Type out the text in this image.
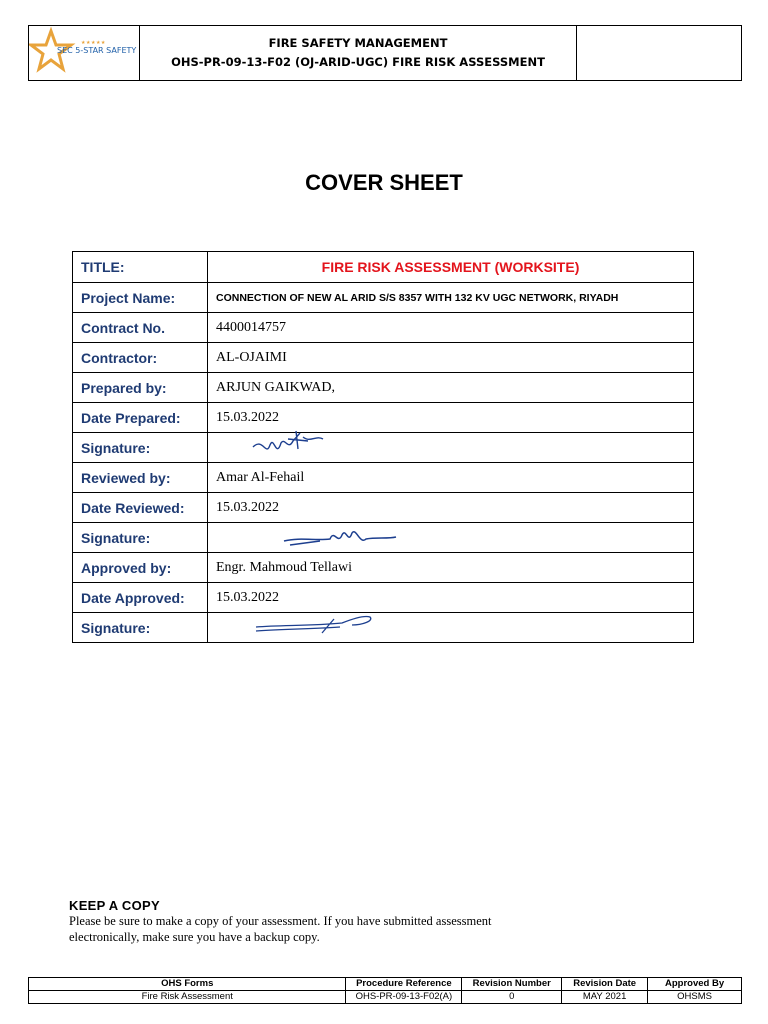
★★★★★
SEC 5-STAR SAFETY
FIRE SAFETY MANAGEMENT
OHS-PR-09-13-F02 (OJ-ARID-UGC) FIRE RISK ASSESSMENT
COVER SHEET
TITLE:	FIRE RISK ASSESSMENT (WORKSITE)
Project Name:	CONNECTION OF NEW AL ARID S/S 8357 WITH 132 KV UGC NETWORK, RIYADH
Contract No.	4400014757
Contractor:	AL-OJAIMI
Prepared by:	ARJUN GAIKWAD,
Date Prepared:	15.03.2022
Signature:	

Reviewed by:	Amar Al-Fehail
Date Reviewed:	15.03.2022
Signature:	

Approved by:	Engr. Mahmoud Tellawi
Date Approved:	15.03.2022
Signature:	
KEEP A COPY
Please be sure to make a copy of your assessment. If you have submitted assessment
electronically, make sure you have a backup copy.
OHS Forms	Procedure Reference	Revision Number	Revision Date	Approved By
Fire Risk Assessment	OHS-PR-09-13-F02(A)	0	MAY 2021	OHSMS
